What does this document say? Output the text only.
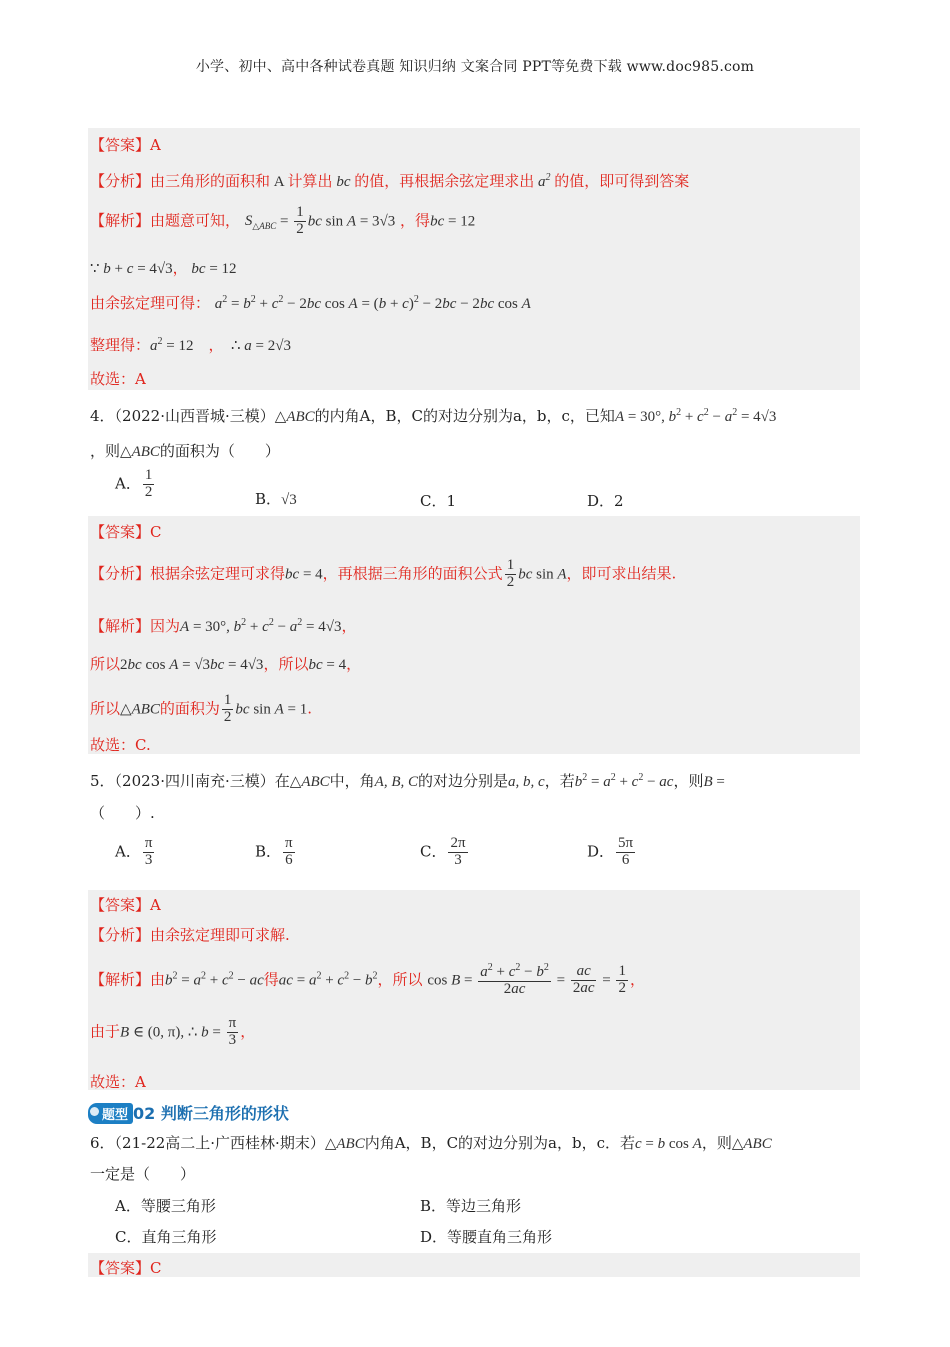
小学、初中、高中各种试卷真题 知识归纳 文案合同 PPT等免费下载 www.doc985.com
【答案】A
【分析】由三角形的面积和 A 计算出 bc 的值，再根据余弦定理求出 $a^2$ 的值，即可得到答案
【解析】由题意可知， $S_{\triangle ABC} = \frac{1}{2}$ bc sin A = 3√3 ，得bc = 12
∵ b + c = 4√3， bc = 12
由余弦定理可得： $a^2 = b^2 + c^2 - 2bc$ $\cos A = (b + c)^2 - 2bc - 2bc$ cos A
整理得：$a^2 = 12$　，　∴ a = 2√3
故选：A
4．（2022·山西晋城·三模）△ABC的内角A，B，C的对边分别为a，b，c，已知A = 30°, $b^2 + c^2 - a^2 = 4√3$
，则△ABC的面积为（　　）
A． $\frac{1}{2}$	B．√3	C．1	D．2
【答案】C
【分析】根据余弦定理可求得bc = 4，再根据三角形的面积公式 $\frac{1}{2}$ bc sin A，即可求出结果.
【解析】因为A = 30°, $b^2 + c^2 - a^2 = 4√3$，
所以2bc cos A = √3bc = 4√3，所以bc = 4，
所以△ABC的面积为 $\frac{1}{2}$ bc sin A = 1.
故选：C.
5．（2023·四川南充·三模）在△ABC中，角A, B, C的对边分别是a, b, c，若$b^2 = a^2 + c^2$ − ac，则B =
（　　）.
A． $\frac{\pi}{3}$	B． $\frac{\pi}{6}$	C． $\frac{2\pi}{3}$	D． $\frac{5\pi}{6}$
【答案】A
【分析】由余弦定理即可求解.
【解析】由$b^2 = a^2 + c^2$ − ac得ac = $a^2 + c^2 - b^2$，所以 $\cos B = \frac{a^2 + c^2 - b^2}{2ac} = \frac{ac}{2ac} = \frac{1}{2}$ ，
由于B ∈ (0, π), ∴ $b = \frac{\pi}{3}$ ，
故选：A
题型 02 判断三角形的形状
6．（21-22高二上·广西桂林·期末）△ABC内角A，B，C的对边分别为a，b，c．若c = b cos A，则△ABC
一定是（　　）
A．等腰三角形	B．等边三角形
C．直角三角形	D．等腰直角三角形
【答案】C
